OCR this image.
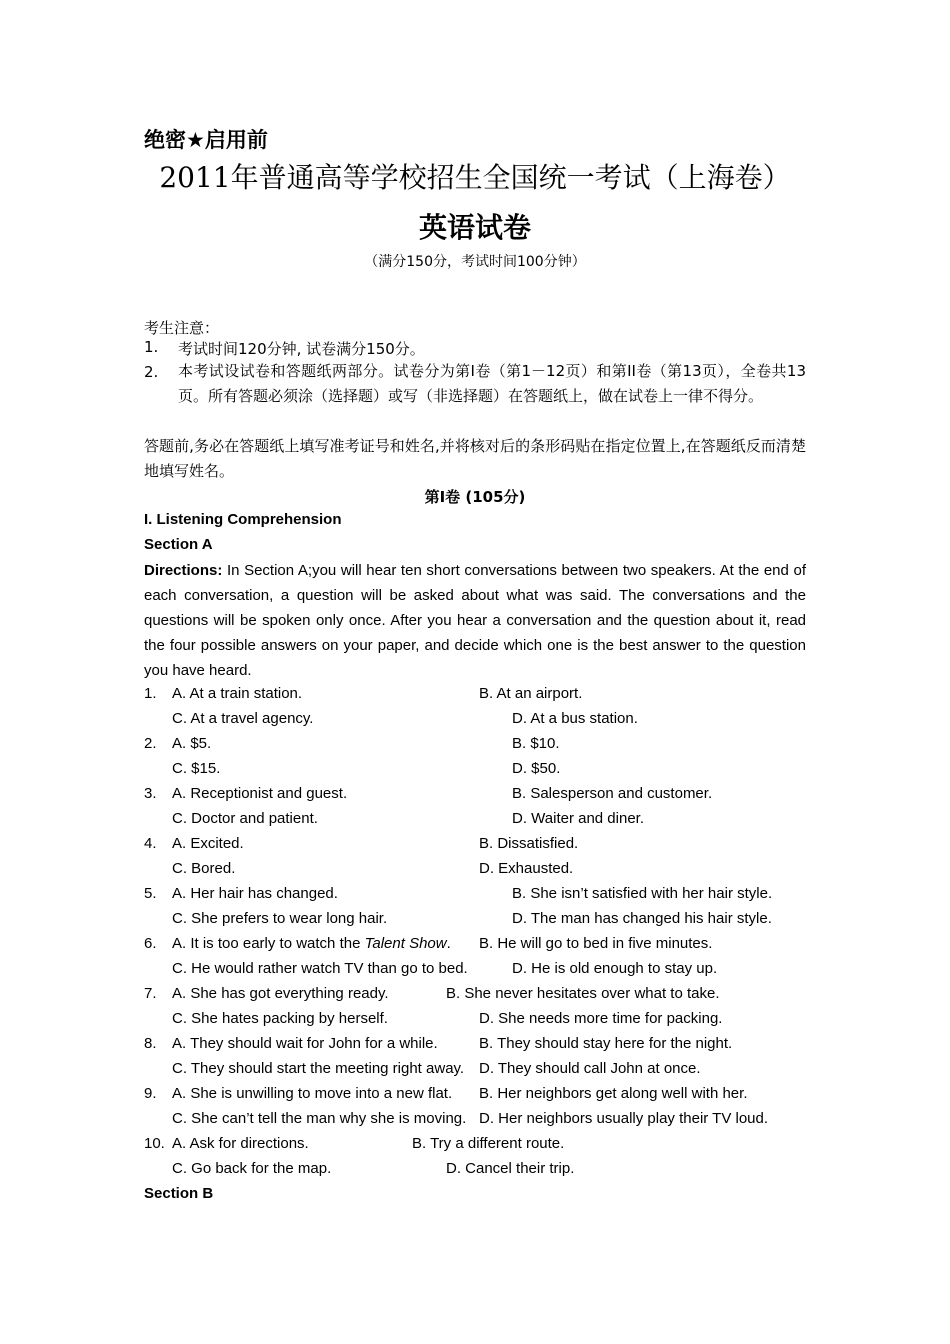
绝密★启用前
2011年普通高等学校招生全国统一考试（上海卷）
英语试卷
（满分150分，考试时间100分钟）
考生注意：
1. 考试时间120分钟, 试卷满分150分。
2. 本考试设试卷和答题纸两部分。试卷分为第I卷（第1－12页）和第II卷（第13页），全卷共13页。所有答题必须涂（选择题）或写（非选择题）在答题纸上，做在试卷上一律不得分。
答题前,务必在答题纸上填写准考证号和姓名,并将核对后的条形码贴在指定位置上,在答题纸反而清楚地填写姓名。
第I卷 (105分)
I. Listening Comprehension
Section A
Directions: In Section A;you will hear ten short conversations between two speakers. At the end of each conversation, a question will be asked about what was said. The conversations and the questions will be spoken only once. After you hear a conversation and the question about it, read the four possible answers on your paper, and decide which one is the best answer to the question you have heard.
1. A. At a train station.	B. At an airport.
C. At a travel agency.	D. At a bus station.
2. A. $5.	B. $10.
C. $15.	D. $50.
3. A. Receptionist and guest.	B. Salesperson and customer.
C. Doctor and patient.	D. Waiter and diner.
4. A. Excited.	B. Dissatisfied.
C. Bored.	D. Exhausted.
5. A. Her hair has changed.	B. She isn’t satisfied with her hair style.
C. She prefers to wear long hair.	D. The man has changed his hair style.
6. A. It is too early to watch the Talent Show. B. He will go to bed in five minutes.
C. He would rather watch TV than go to bed.	D. He is old enough to stay up.
7. A. She has got everything ready.	B. She never hesitates over what to take.
C. She hates packing by herself.	D. She needs more time for packing.
8. A. They should wait for John for a while.	B. They should stay here for the night.
C. They should start the meeting right away. D. They should call John at once.
9. A. She is unwilling to move into a new flat. B. Her neighbors get along well with her.
C. She can’t tell the man why she is moving. D. Her neighbors usually play their TV loud.
10. A. Ask for directions.	B. Try a different route.
C. Go back for the map.	D. Cancel their trip.
Section B
